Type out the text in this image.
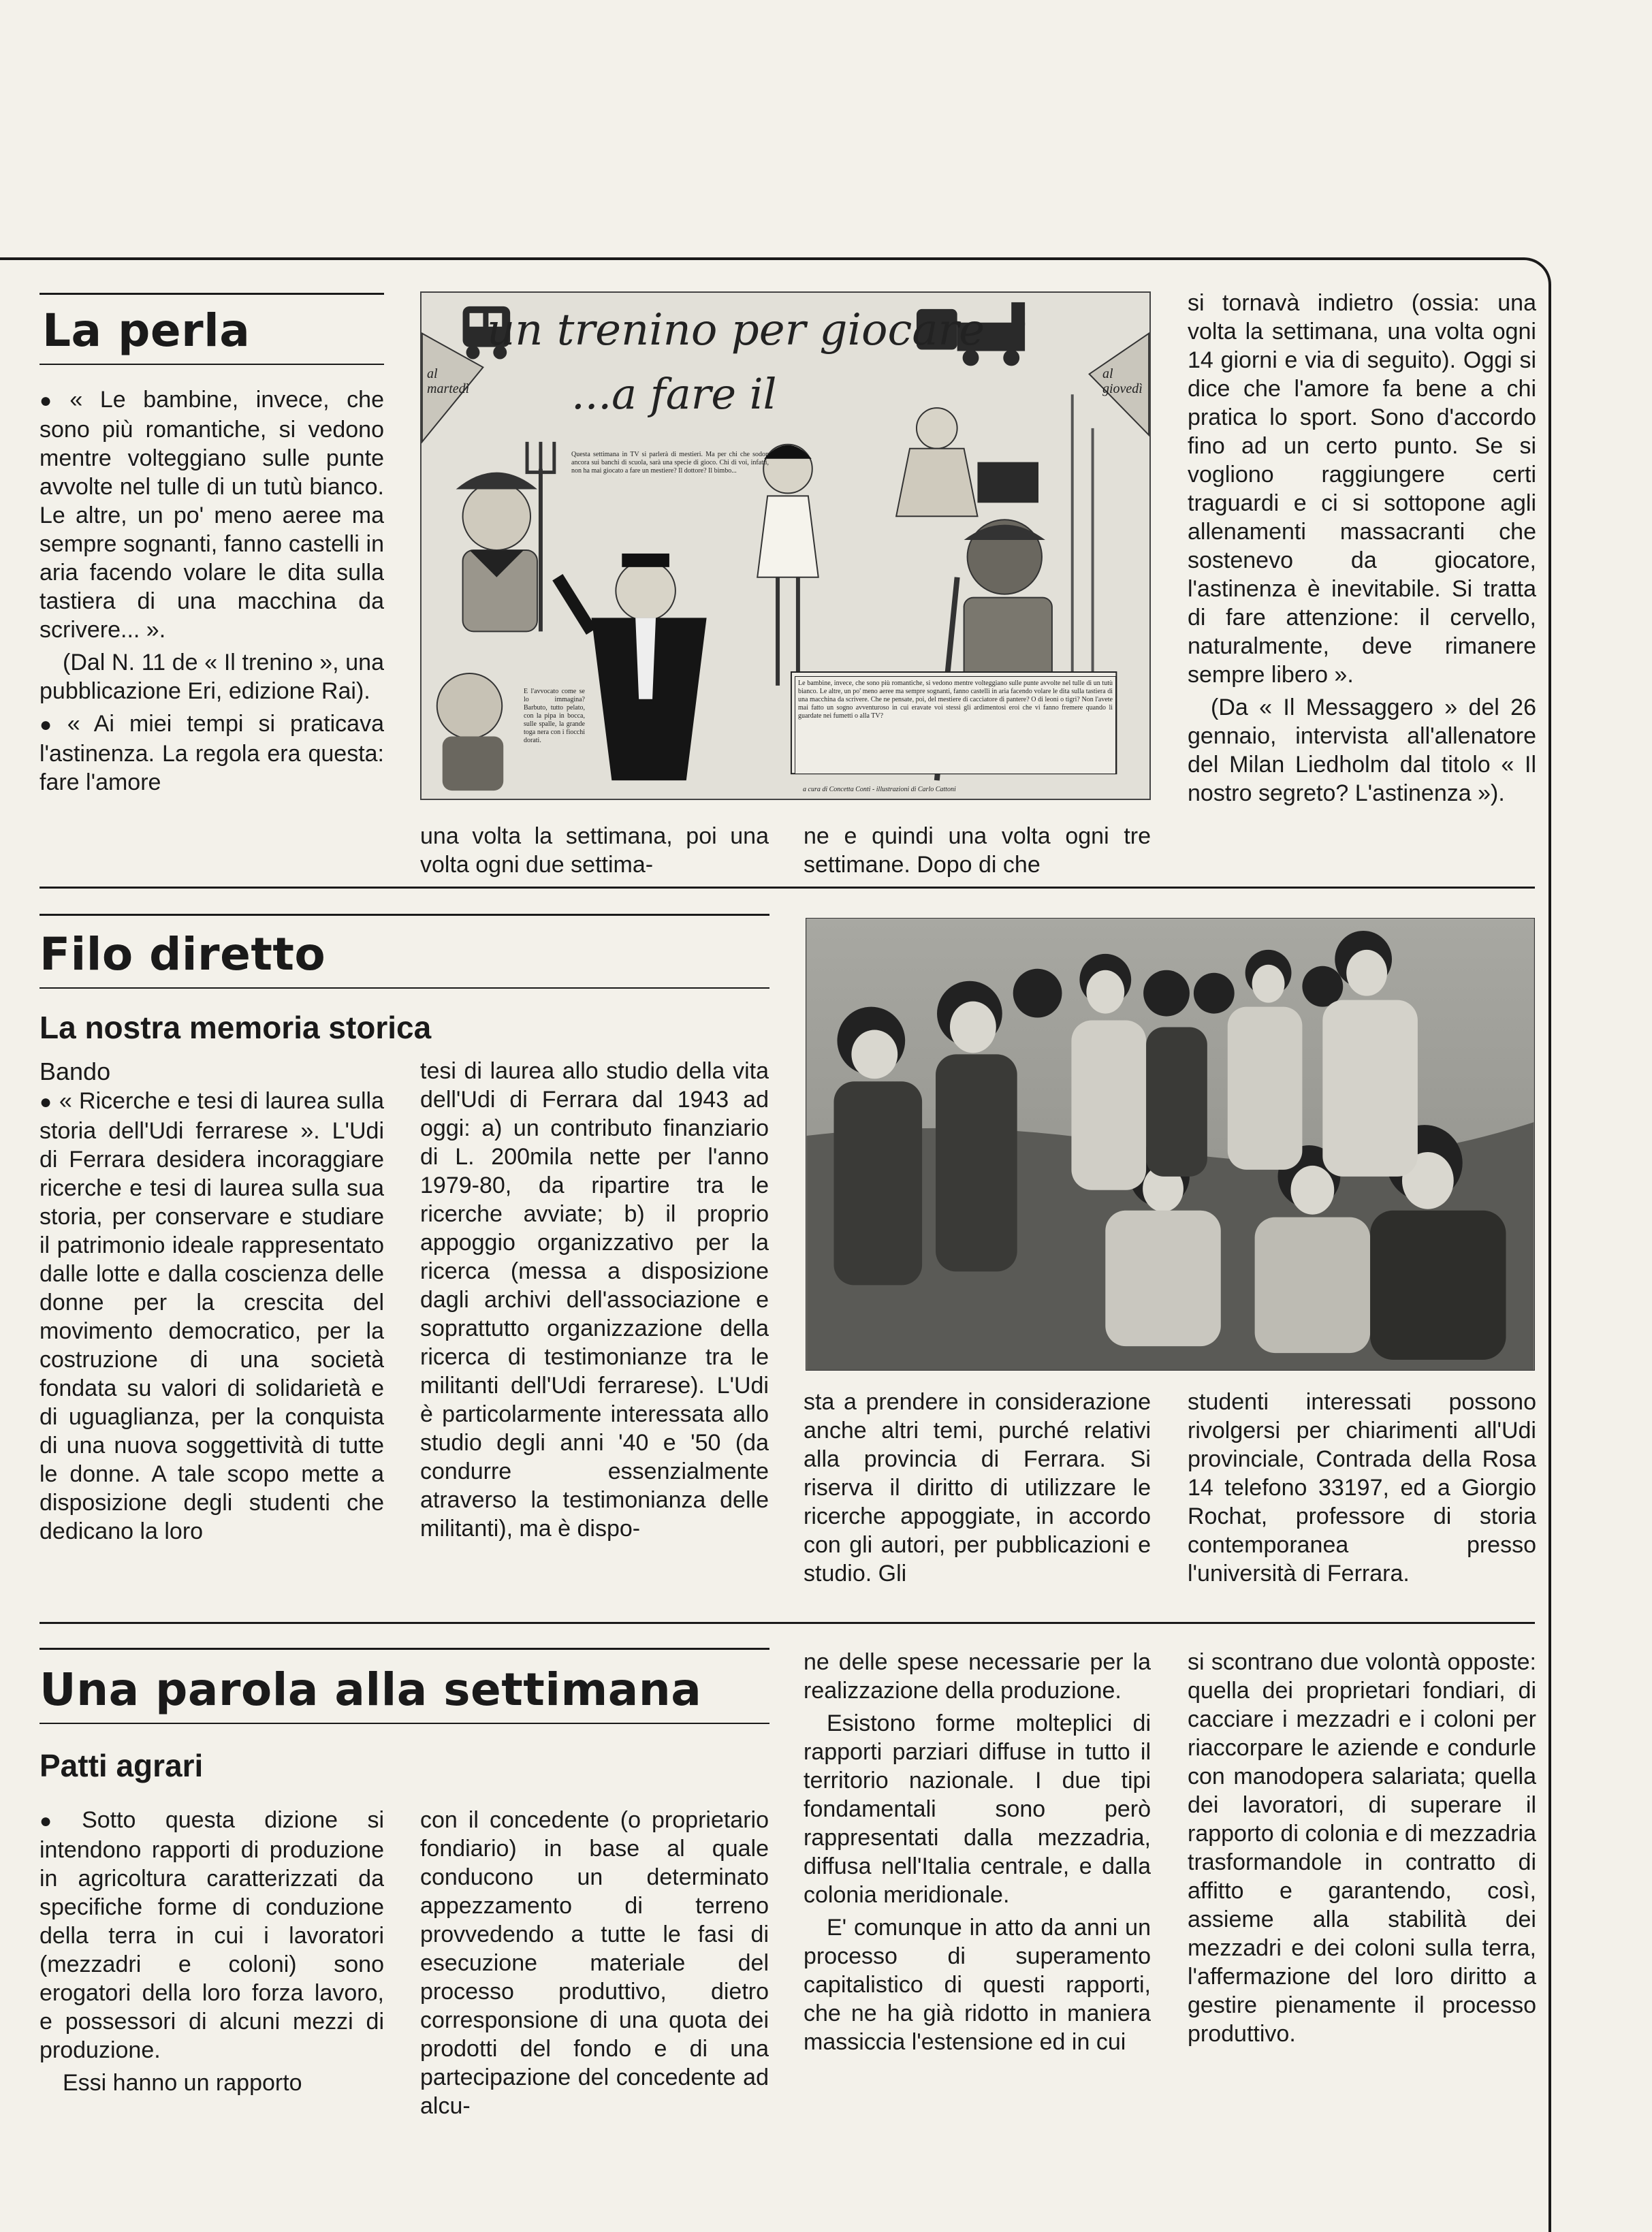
La perla

● « Le bambine, invece, che sono più romantiche, si vedono mentre volteggiano sulle punte avvolte nel tulle di un tutù bianco. Le altre, un po' meno aeree ma sempre sognanti, fanno castelli in aria facendo volare le dita sulla tastiera di una macchina da scrivere... ».

(Dal N. 11 de « Il trenino », una pubblicazione Eri, edizione Rai).

● « Ai miei tempi si praticava l'astinenza. La regola era questa: fare l'amore

un trenino per giocare

...a fare il

al martedì

al giovedì

Questa settimana in TV si parlerà di mestieri. Ma per chi che sodon ancora sui banchi di scuola, sarà una specie di gioco. Chi di voi, infatti, non ha mai giocato a fare un mestiere? Il dottore? Il bimbo...

E l'avvocato come se lo immagina? Barbuto, tutto pelato, con la pipa in bocca, sulle spalle, la grande toga nera con i fiocchi dorati.

Le bambine, invece, che sono più romantiche, si vedono mentre volteggiano sulle punte avvolte nel tulle di un tutù bianco. Le altre, un po' meno aeree ma sempre sognanti, fanno castelli in aria facendo volare le dita sulla tastiera di una macchina da scrivere. Che ne pensate, poi, del mestiere di cacciatore di pantere? O di leoni o tigri? Non l'avete mai fatto un sogno avventuroso in cui eravate voi stessi gli ardimentosi eroi che vi fanno fremere quando li guardate nei fumetti o alla TV?

a cura di Concetta Conti - illustrazioni di Carlo Cattoni

una volta la settimana, poi una volta ogni due settima-

ne e quindi una volta ogni tre settimane. Dopo di che

si tornavà indietro (ossia: una volta la settimana, una volta ogni 14 giorni e via di seguito). Oggi si dice che l'amore fa bene a chi pratica lo sport. Sono d'accordo fino ad un certo punto. Se si vogliono raggiungere certi traguardi e ci si sottopone agli allenamenti massacranti che sostenevo da giocatore, l'astinenza è inevitabile. Si tratta di fare attenzione: il cervello, naturalmente, deve rimanere sempre libero ».

(Da « Il Messaggero » del 26 gennaio, intervista all'allenatore del Milan Liedholm dal titolo « Il nostro segreto? L'astinenza »).

Filo diretto
La nostra memoria storica

Bando

● « Ricerche e tesi di laurea sulla storia dell'Udi ferrarese ». L'Udi di Ferrara desidera incoraggiare ricerche e tesi di laurea sulla sua storia, per conservare e studiare il patrimonio ideale rappresentato dalle lotte e dalla coscienza delle donne per la crescita del movimento democratico, per la costruzione di una società fondata su valori di solidarietà e di uguaglianza, per la conquista di una nuova soggettività di tutte le donne. A tale scopo mette a disposizione degli studenti che dedicano la loro

tesi di laurea allo studio della vita dell'Udi di Ferrara dal 1943 ad oggi: a) un contributo finanziario di L. 200mila nette per l'anno 1979-80, da ripartire tra le ricerche avviate; b) il proprio appoggio organizzativo per la ricerca (messa a disposizione dagli archivi dell'associazione e soprattutto organizzazione della ricerca di testimonianze tra le militanti dell'Udi ferrarese). L'Udi è particolarmente interessata allo studio degli anni '40 e '50 (da condurre essenzialmente atraverso la testimonianza delle militanti), ma è dispo-

sta a prendere in considerazione anche altri temi, purché relativi alla provincia di Ferrara. Si riserva il diritto di utilizzare le ricerche appoggiate, in accordo con gli autori, per pubblicazioni e studio. Gli

studenti interessati possono rivolgersi per chiarimenti all'Udi provinciale, Contrada della Rosa 14 telefono 33197, ed a Giorgio Rochat, professore di storia contemporanea presso l'università di Ferrara.

Una parola alla settimana
Patti agrari

● Sotto questa dizione si intendono rapporti di produzione in agricoltura caratterizzati da specifiche forme di conduzione della terra in cui i lavoratori (mezzadri e coloni) sono erogatori della loro forza lavoro, e possessori di alcuni mezzi di produzione.

Essi hanno un rapporto

con il concedente (o proprietario fondiario) in base al quale conducono un determinato appezzamento di terreno provvedendo a tutte le fasi di esecuzione materiale del processo produttivo, dietro corresponsione di una quota dei prodotti del fondo e di una partecipazione del concedente ad alcu-

ne delle spese necessarie per la realizzazione della produzione.

Esistono forme molteplici di rapporti parziari diffuse in tutto il territorio nazionale. I due tipi fondamentali sono però rappresentati dalla mezzadria, diffusa nell'Italia centrale, e dalla colonia meridionale.

E' comunque in atto da anni un processo di superamento capitalistico di questi rapporti, che ne ha già ridotto in maniera massiccia l'estensione ed in cui

si scontrano due volontà opposte: quella dei proprietari fondiari, di cacciare i mezzadri e i coloni per riaccorpare le aziende e condurle con manodopera salariata; quella dei lavoratori, di superare il rapporto di colonia e di mezzadria trasformandole in contratto di affitto e garantendo, così, assieme alla stabilità dei mezzadri e dei coloni sulla terra, l'affermazione del loro diritto a gestire pienamente il processo produttivo.
